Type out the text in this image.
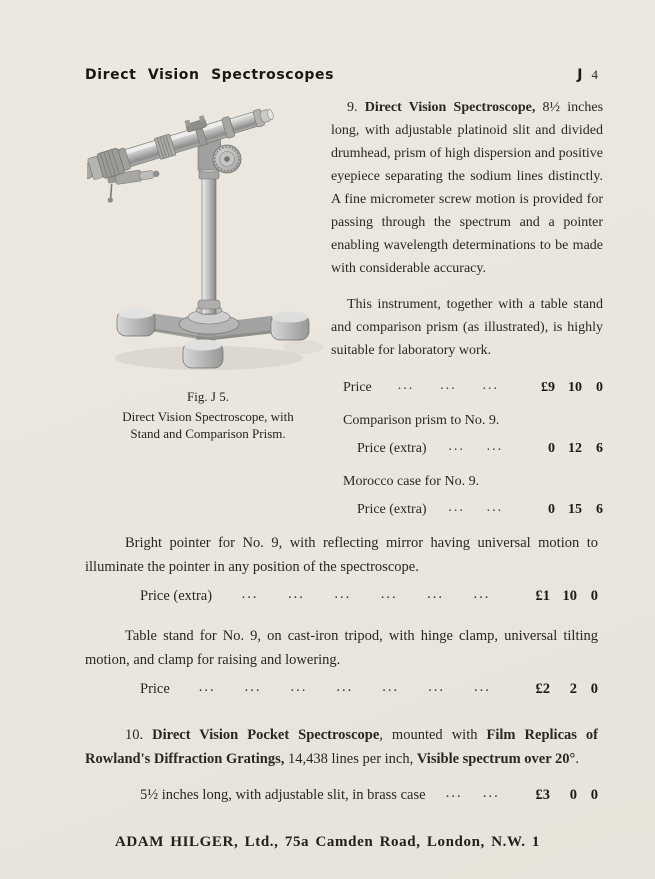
Direct Vision Spectroscopes	J 4
Fig. J 5.
Direct Vision Spectroscope, with
Stand and Comparison Prism.

9. Direct Vision Spectroscope, 8½ inches long, with adjustable platinoid slit and divided drumhead, prism of high dispersion and positive eyepiece separating the sodium lines distinctly. A fine micrometer screw motion is provided for passing through the spectrum and a pointer enabling wavelength determinations to be made with considerable accuracy.

This instrument, together with a table stand and comparison prism (as illustrated), is highly suitable for laboratory work.

Price ... ... ...	£9 10	0
Comparison prism to No. 9.
Price (extra) ... ...	0 12	6
Morocco case for No. 9.
Price (extra) ... ...	0 15	6

Bright pointer for No. 9, with reflecting mirror having universal motion to illuminate the pointer in any position of the spectroscope.

Price (extra) ... ... ... ... ... ...	£1 10 0

Table stand for No. 9, on cast-iron tripod, with hinge clamp, universal tilting motion, and clamp for raising and lowering.

Price ... ... ... ... ... ... ...	£2	2 0

10. Direct Vision Pocket Spectroscope, mounted with Film Replicas of Rowland's Diffraction Gratings, 14,438 lines per inch, Visible spectrum over 20°.

5½ inches long, with adjustable slit, in brass case ... ...	£3	0 0
ADAM HILGER, Ltd., 75a Camden Road, London, N.W. 1
